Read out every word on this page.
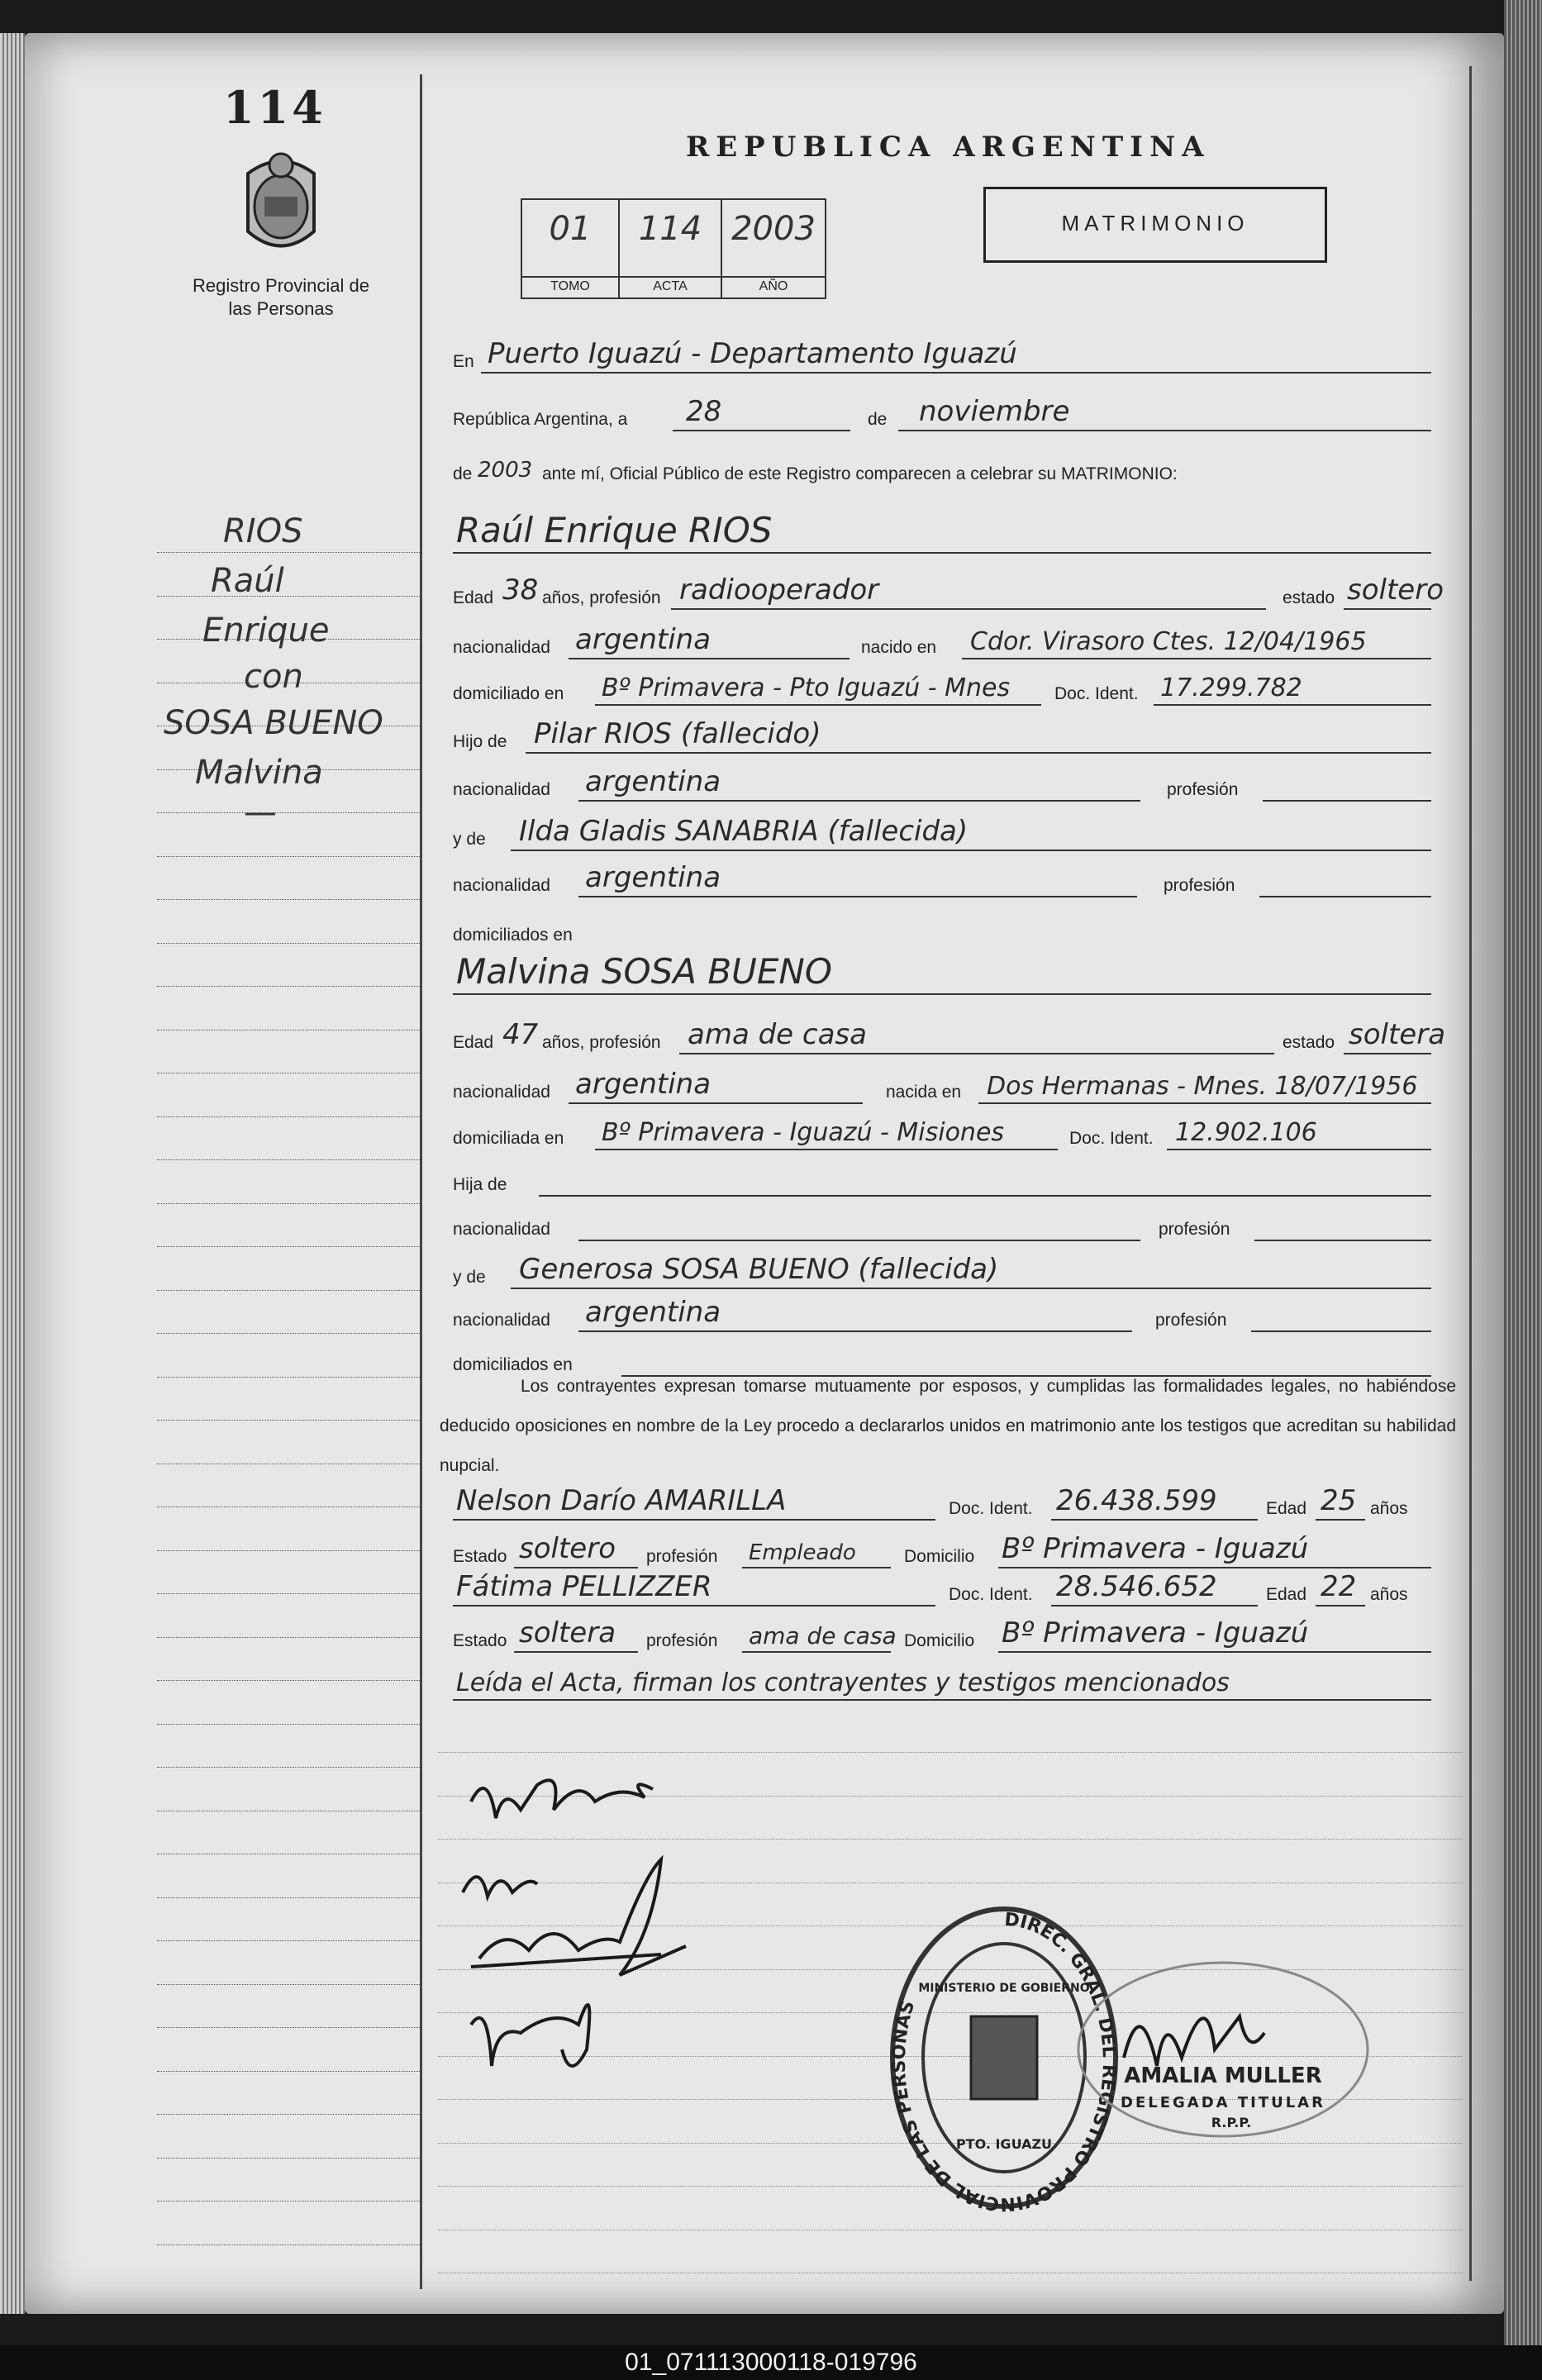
114
Registro Provincial de las Personas
RIOS
Raúl
Enrique
con
SOSA BUENO
Malvina
—
REPUBLICA ARGENTINA
01
TOMO
114
ACTA
2003
AÑO
MATRIMONIO
En Puerto Iguazú - Departamento Iguazú
República Argentina, a 28	de noviembre
de 2003 ante mí, Oficial Público de este Registro comparecen a celebrar su MATRIMONIO:
Raúl Enrique RIOS
Edad 38 años, profesión radiooperador	estado soltero
nacionalidad argentina	nacido en Cdor. Virasoro Ctes. 12/04/1965
domiciliado en Bº Primavera - Pto Iguazú - Mnes	Doc. Ident. 17.299.782
Hijo de Pilar RIOS (fallecido)
nacionalidad argentina	profesión
y de Ilda Gladis SANABRIA (fallecida)
nacionalidad argentina	profesión
domiciliados en
Malvina SOSA BUENO
Edad 47 años, profesión ama de casa	estado soltera
nacionalidad argentina	nacida en Dos Hermanas - Mnes. 18/07/1956
domiciliada en Bº Primavera - Iguazú - Misiones	Doc. Ident. 12.902.106
Hija de
nacionalidad	profesión
y de Generosa SOSA BUENO (fallecida)
nacionalidad argentina	profesión
domiciliados en
Los contrayentes expresan tomarse mutuamente por esposos, y cumplidas las formalidades legales, no habiéndose deducido oposiciones en nombre de la Ley procedo a declararlos unidos en matrimonio ante los testigos que acreditan su habilidad nupcial.
Nelson Darío AMARILLA	Doc. Ident. 26.438.599	Edad 25 años
Estado soltero profesión Empleado	Domicilio Bº Primavera - Iguazú
Fátima PELLIZZER	Doc. Ident. 28.546.652	Edad 22 años
Estado soltera profesión ama de casa Domicilio Bº Primavera - Iguazú
Leída el Acta, firman los contrayentes y testigos mencionados
DIREC. GRAL. DEL REGISTRO PROVINCIAL DE LAS PERSONAS
MINISTERIO DE GOBIERNO
PTO. IGUAZU
AMALIA MULLER
DELEGADA TITULAR
R.P.P.
01_071113000118-019796
